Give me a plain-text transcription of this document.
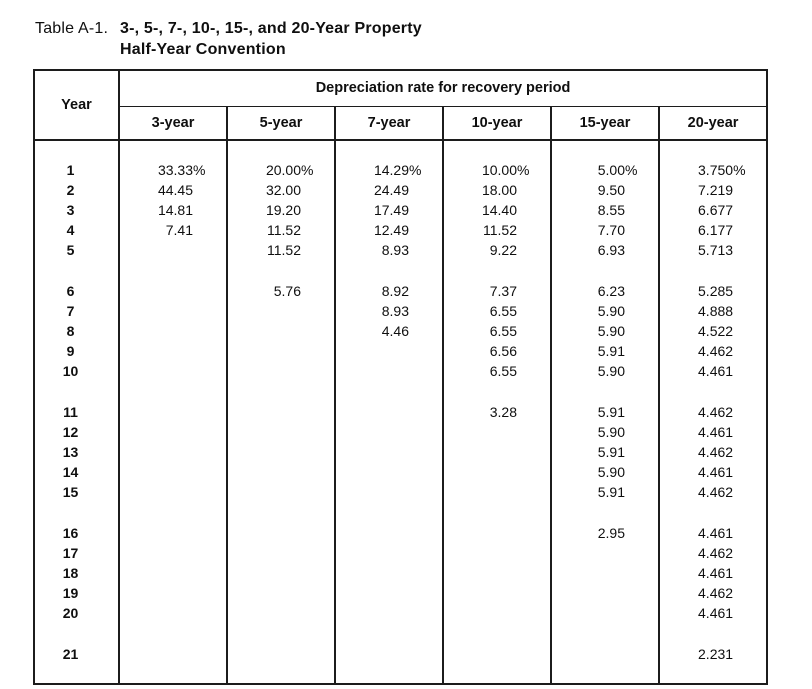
Table A-1. 3-, 5-, 7-, 10-, 15-, and 20-Year Property
Half-Year Convention
Year	Depreciation rate for recovery period					
	3-year	5-year	7-year	10-year	15-year	20-year

1	33.33%	20.00%	14.29%	10.00%	5.00%	3.750%
2	44.45	32.00	24.49	18.00	9.50	7.219
3	14.81	19.20	17.49	14.40	8.55	6.677
4	7.41	11.52	12.49	11.52	7.70	6.177
5		11.52	8.93	9.22	6.93	5.713

6		5.76	8.92	7.37	6.23	5.285
7			8.93	6.55	5.90	4.888
8			4.46	6.55	5.90	4.522
9				6.56	5.91	4.462
10				6.55	5.90	4.461

11				3.28	5.91	4.462
12					5.90	4.461
13					5.91	4.462
14					5.90	4.461
15					5.91	4.462

16					2.95	4.461
17						4.462
18						4.461
19						4.462
20						4.461

21						2.231
